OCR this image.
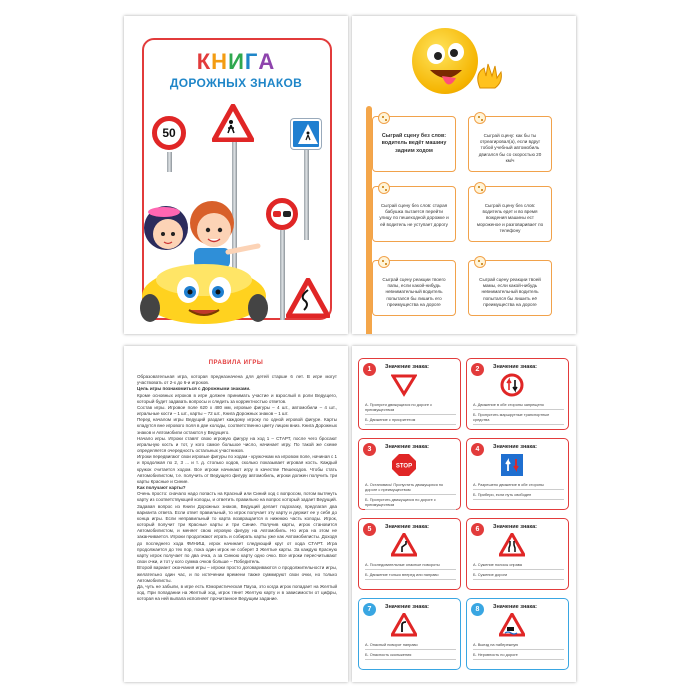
КНИГА
ДОРОЖНЫХ ЗНАКОВ
50	Сыграй сцену без слов: водитель ведёт машину задним ходом
Сыграй сцену: как бы ты отреагировал(а), если вдруг тобой учебный автомобиль двигался бы со скоростью 20 км/ч
Сыграй сцену без слов: старая бабушка пытается перейти улицу по пешеходной дорожке и ей водитель не уступает дорогу
Сыграй сцену без слов: водитель едет и во время вождения машины ест мороженое и разговаривает по телефону
Сыграй сцену реакции твоего папы, если какой-нибудь невнимательный водитель попытался бы лишить его преимущества на дороге
Сыграй сцену реакции твоей мамы, если какой-нибудь невнимательный водитель попытался бы лишить её преимущества на дороге
ПРАВИЛА ИГРЫ

Образовательная игра, которая предназначена для детей старше 6 лет. В игре могут участвовать от 2-х до 6-и игроков.

Цель игры познакомиться с Дорожными знаками.

Кроме основных игроков в игре должен принимать участие и взрослый в роли Ведущего, который будет задавать вопросы и следить за корректностью ответов.

Состав игры. Игровое поле 620 x 480 мм, игровые фигуры – 4 шт., автомобили – 4 шт., игральные кости – 1 шт., карты – 72 шт., Книга Дорожных знаков – 1 шт.

Перед началом игры Ведущий раздает каждому игроку по одной игровой фигуре. Карты кладутся вне игрового поля в две колоды, соответственно цвету лицом вниз. Книга Дорожных знаков и Автомобили остаются у Ведущего.

Начало игры. Игроки ставят свою игровую фигуру на ход 1 – СТАРТ, после чего бросают игральную кость и тот, у кого самое большое число, начинает игру. По такой же схеме определяется очередность остальных участников.

Игроки передвигают свои игровые фигуры по ходам - кружочкам на игровом поле, начиная с 1 и продолжая по 2, 3 ... и т. д. столько ходов, сколько показывает игровая кость. Каждый кружок считается ходом. Все игроки начинают игру в качестве Пешеходов. Чтобы стать Автомобилистом, т.е. получить от Ведущего фигуру автомобиль, игроки должен получить три карты Красные и Синие.

Как получают карты?

Очень просто: сначало надо попасть на Красный или Синий ход с вопросом, потом вытянуть карту из соответствующей колоды, и ответить правильно на вопрос который задает Ведущий. Задавая вопрос из Книги Дорожных знаков, Ведущий делает подсказку, предлагая два варианта ответа. Если ответ правильный, то игрок получает эту карту и держит ее у себя до конца игры. Если неправильный то карта возвращается в нижнюю часть колоды. Игрок, который получит три Красные карты и три Синие. Получив карты, игрок становится Автомобилистом, и меняет свою игровую фигуру на Автомобиль. Но игра на этом не заканчивается. Игроки продолжают играть и собирать карты уже как Автомобилисты. Доходя до последнего хода ФИНИШ, игрок начинает следующий круг от хода СТАРТ. Игра продолжается до тех пор, пока один игрок не соберет 3 Желтые карты. За каждую Красную карту игрок получает по два очка, а за Синюю карту одно очко. Все игроки пересчитывают свои очки, и тот у кого сумма очков больше – Победитель.

Второй вариант окончания игры – игроки просто договариваются о продолжительности игры, желательно один час, и по истечении времени также суммируют свои очки, но только Автомобилисты.

Да, чуть не забыли, в игре есть Юмористическая Пауза, это когда игрок попадает на Желтый ход. При попадании на Желтый ход, игрок тянет Желтую карту и в зависимости от цифры, которая на ней выпала исполняет прочитанное Ведущим задание.

1	Значение знака:
А. Пропусти движущихся по дороге с преимуществом
Б. Движение с приоритетом
2	Значение знака:
А. Движение в обе стороны запрещено
Б. Пропустить маршрутные транспортные средства
3	Значение знака:
STOP
А. Остановись! Пропустить движущихся по дороге с преимуществом
Б. Пропустить движущихся по дороге с преимуществом
4	Значение знака:
А. Разрешено движение в обе стороны
Б. Прибери, если путь свободен
5	Значение знака:
А. Последовательные опасные повороты
Б. Движение только вперед или направо
6	Значение знака:
А. Сужение полосы справа
Б. Сужение дороги
7	Значение знака:
А. Опасный поворот направо
Б. Опасность скольжения
8	Значение знака:
А. Выезд на набережную
Б. Неровность по дороге
